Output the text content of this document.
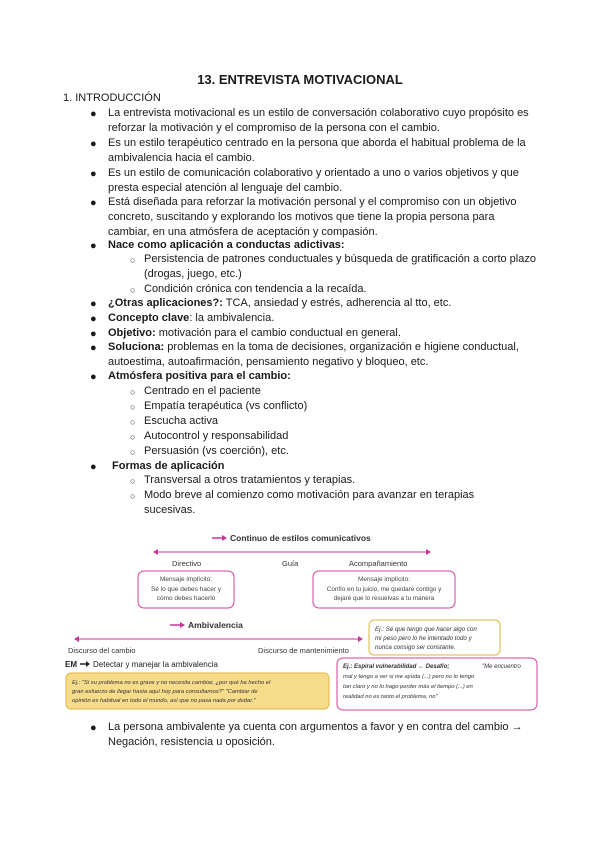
13. ENTREVISTA MOTIVACIONAL
1. INTRODUCCIÓN
● La entrevista motivacional es un estilo de conversación colaborativo cuyo propósito es reforzar la motivación y el compromiso de la persona con el cambio.
● Es un estilo terapéutico centrado en la persona que aborda el habitual problema de la ambivalencia hacia el cambio.
● Es un estilo de comunicación colaborativo y orientado a uno o varios objetivos y que presta especial atención al lenguaje del cambio.
● Está diseñada para reforzar la motivación personal y el compromiso con un objetivo concreto, suscitando y explorando los motivos que tiene la propia persona para cambiar, en una atmósfera de aceptación y compasión.
● Nace como aplicación a conductas adictivas:
○ Persistencia de patrones conductuales y búsqueda de gratificación a corto plazo (drogas, juego, etc.)
○ Condición crónica con tendencia a la recaída.
● ¿Otras aplicaciones?: TCA, ansiedad y estrés, adherencia al tto, etc.
● Concepto clave: la ambivalencia.
● Objetivo: motivación para el cambio conductual en general.
● Soluciona: problemas en la toma de decisiones, organización e higiene conductual, autoestima, autoafirmación, pensamiento negativo y bloqueo, etc.
● Atmósfera positiva para el cambio:
○ Centrado en el paciente
○ Empatía terapéutica (vs conflicto)
○ Escucha activa
○ Autocontrol y responsabilidad
○ Persuasión (vs coerción), etc.
● Formas de aplicación
○ Transversal a otros tratamientos y terapias.
○ Modo breve al comienzo como motivación para avanzar en terapias sucesivas.
Continuo de estilos comunicativos
Directivo	Guía	Acompañamiento
Mensaje implícito:
Sé lo que debes hacer y
cómo debes hacerlo
Mensaje implícito:
Confío en tu juicio, me quedaré contigo y
dejaré que lo resuelvas a tu manera
Ambivalencia
Discurso del cambio	Discurso de mantenimiento
Ej.: Sé que tengo que hacer algo con
mi peso pero lo he intentado todo y
nunca consigo ser constante.
EM Detectar y manejar la ambivalencia
Ej.: "Si su problema no es grave y no necesita cambiar, ¿por qué ha hecho el
gran esfuerzo de llegar hasta aquí hoy para consultarnos?" "Cambiar de
opinión es habitual en todo el mundo, así que no pasa nada por dudar."
Ej.: Espiral vulnerabilidad ↔ Desafío;	"Me encuentro
mal y tengo a ver si me ayuda (...) pero no lo tengo
tan claro y no lo hago perder más el tiempo (...) en
realidad no es tanto el problema, no"
mal y tengo que ir a ver al médico "Me encuentro
● La persona ambivalente ya cuenta con argumentos a favor y en contra del cambio → Negación, resistencia u oposición.
